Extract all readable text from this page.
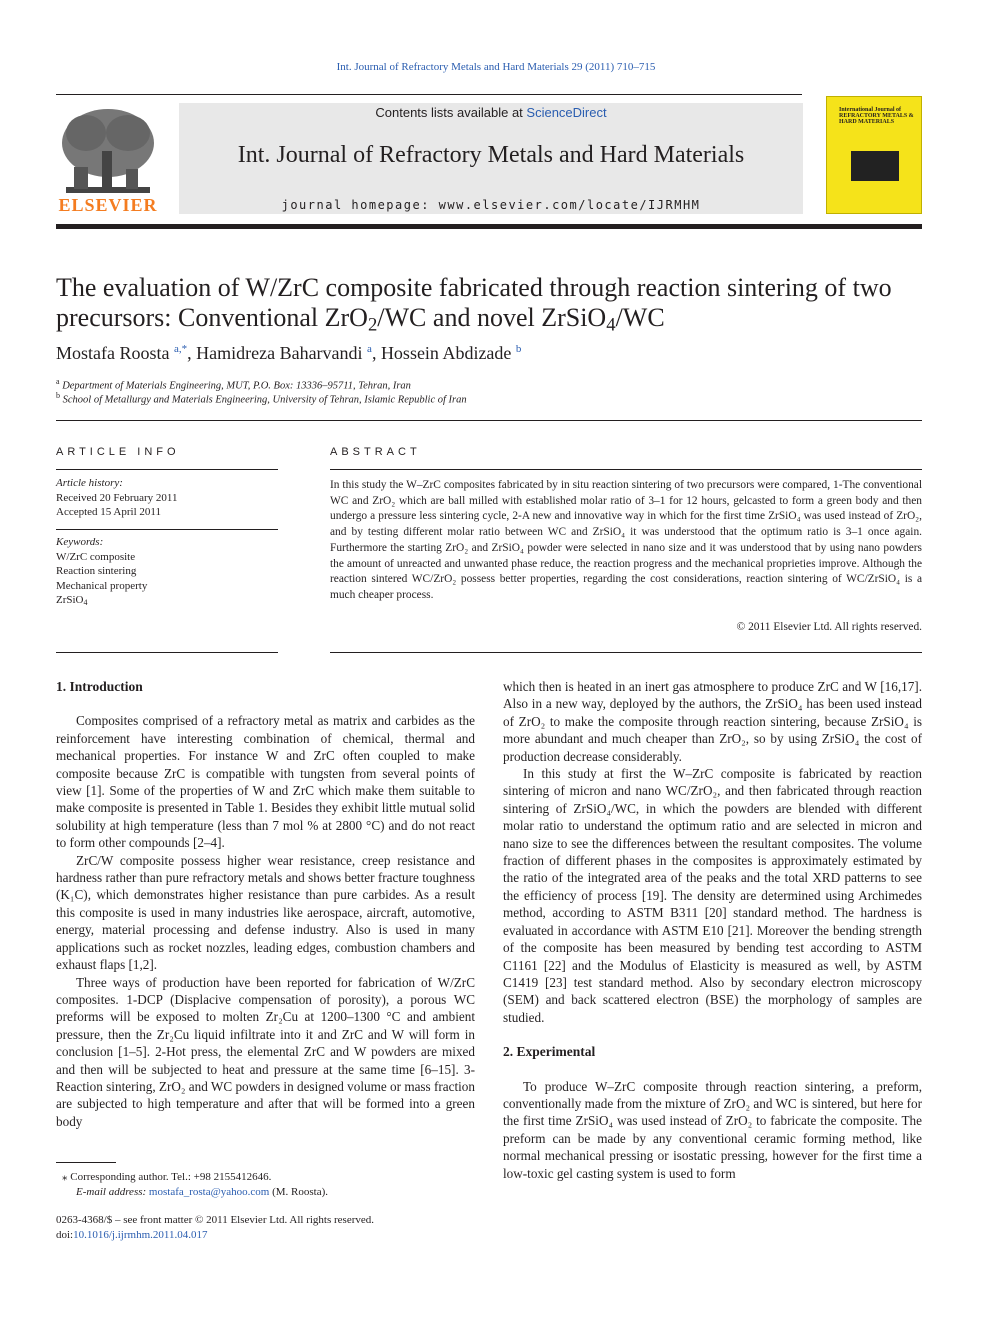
Int. Journal of Refractory Metals and Hard Materials 29 (2011) 710–715
ELSEVIER
Contents lists available at ScienceDirect
Int. Journal of Refractory Metals and Hard Materials
journal homepage: www.elsevier.com/locate/IJRMHM
International Journal of
REFRACTORY METALS & HARD MATERIALS
The evaluation of W/ZrC composite fabricated through reaction sintering of two
precursors: Conventional ZrO$_2$/WC and novel ZrSiO$_4$/WC
Mostafa Roosta $^{a,*}$, Hamidreza Baharvandi $^a$, Hossein Abdizade $^b$
$^a$ Department of Materials Engineering, MUT, P.O. Box: 13336–95711, Tehran, Iran
$^b$ School of Metallurgy and Materials Engineering, University of Tehran, Islamic Republic of Iran
ARTICLE INFO
Article history:
Received 20 February 2011
Accepted 15 April 2011
Keywords:
W/ZrC composite
Reaction sintering
Mechanical property
ZrSiO$_4$
ABSTRACT
In this study the W–ZrC composites fabricated by in situ reaction sintering of two precursors were compared, 1-The conventional WC and ZrO₂ which are ball milled with established molar ratio of 3–1 for 12 hours, gelcasted to form a green body and then undergo a pressure less sintering cycle, 2-A new and innovative way in which for the first time ZrSiO₄ was used instead of ZrO₂, and by testing different molar ratio between WC and ZrSiO₄ it was understood that the optimum ratio is 3–1 once again. Furthermore the starting ZrO₂ and ZrSiO₄ powder were selected in nano size and it was understood that by using nano powders the amount of unreacted and unwanted phase reduce, the reaction progress and the mechanical proprieties improve. Although the reaction sintered WC/ZrO₂ possess better properties, regarding the cost considerations, reaction sintering of WC/ZrSiO₄ is a much cheaper process.
© 2011 Elsevier Ltd. All rights reserved.
1. Introduction

Composites comprised of a refractory metal as matrix and carbides as the reinforcement have interesting combination of chemical, thermal and mechanical properties. For instance W and ZrC often coupled to make composite because ZrC is compatible with tungsten from several points of view [1]. Some of the properties of W and ZrC which make them suitable to make composite is presented in Table 1. Besides they exhibit little mutual solid solubility at high temperature (less than 7 mol % at 2800 °C) and do not react to form other compounds [2–4].

ZrC/W composite possess higher wear resistance, creep resistance and hardness rather than pure refractory metals and shows better fracture toughness (K₁C), which demonstrates higher resistance than pure carbides. As a result this composite is used in many industries like aerospace, aircraft, automotive, energy, material processing and defense industry. Also is used in many applications such as rocket nozzles, leading edges, combustion chambers and exhaust flaps [1,2].

Three ways of production have been reported for fabrication of W/ZrC composites. 1-DCP (Displacive compensation of porosity), a porous WC preforms will be exposed to molten Zr₂Cu at 1200–1300 °C and ambient pressure, then the Zr₂Cu liquid infiltrate into it and ZrC and W will form in conclusion [1–5]. 2-Hot press, the elemental ZrC and W powders are mixed and then will be subjected to heat and pressure at the same time [6–15]. 3-Reaction sintering, ZrO₂ and WC powders in designed volume or mass fraction are subjected to high temperature and after that will be formed into a green body

which then is heated in an inert gas atmosphere to produce ZrC and W [16,17]. Also in a new way, deployed by the authors, the ZrSiO₄ has been used instead of ZrO₂ to make the composite through reaction sintering, because ZrSiO₄ is more abundant and much cheaper than ZrO₂, so by using ZrSiO₄ the cost of production decrease considerably.

In this study at first the W–ZrC composite is fabricated by reaction sintering of micron and nano WC/ZrO₂, and then fabricated through reaction sintering of ZrSiO₄/WC, in which the powders are blended with different molar ratio to understand the optimum ratio and are selected in micron and nano size to see the differences between the resultant composites. The volume fraction of different phases in the composites is approximately estimated by the ratio of the integrated area of the peaks and the total XRD patterns to see the efficiency of process [19]. The density are determined using Archimedes method, according to ASTM B311 [20] standard method. The hardness is evaluated in accordance with ASTM E10 [21]. Moreover the bending strength of the composite has been measured by bending test according to ASTM C1161 [22] and the Modulus of Elasticity is measured as well, by ASTM C1419 [23] test standard method. Also by secondary electron microscopy (SEM) and back scattered electron (BSE) the morphology of samples are studied.

2. Experimental

To produce W–ZrC composite through reaction sintering, a preform, conventionally made from the mixture of ZrO₂ and WC is sintered, but here for the first time ZrSiO₄ was used instead of ZrO₂ to fabricate the composite. The preform can be made by any conventional ceramic forming method, like normal mechanical pressing or isostatic pressing, however for the first time a low-toxic gel casting system is used to form

⁎ Corresponding author. Tel.: +98 2155412646.
E-mail address: mostafa_rosta@yahoo.com (M. Roosta).
0263-4368/$ – see front matter © 2011 Elsevier Ltd. All rights reserved.
doi:10.1016/j.ijrmhm.2011.04.017
